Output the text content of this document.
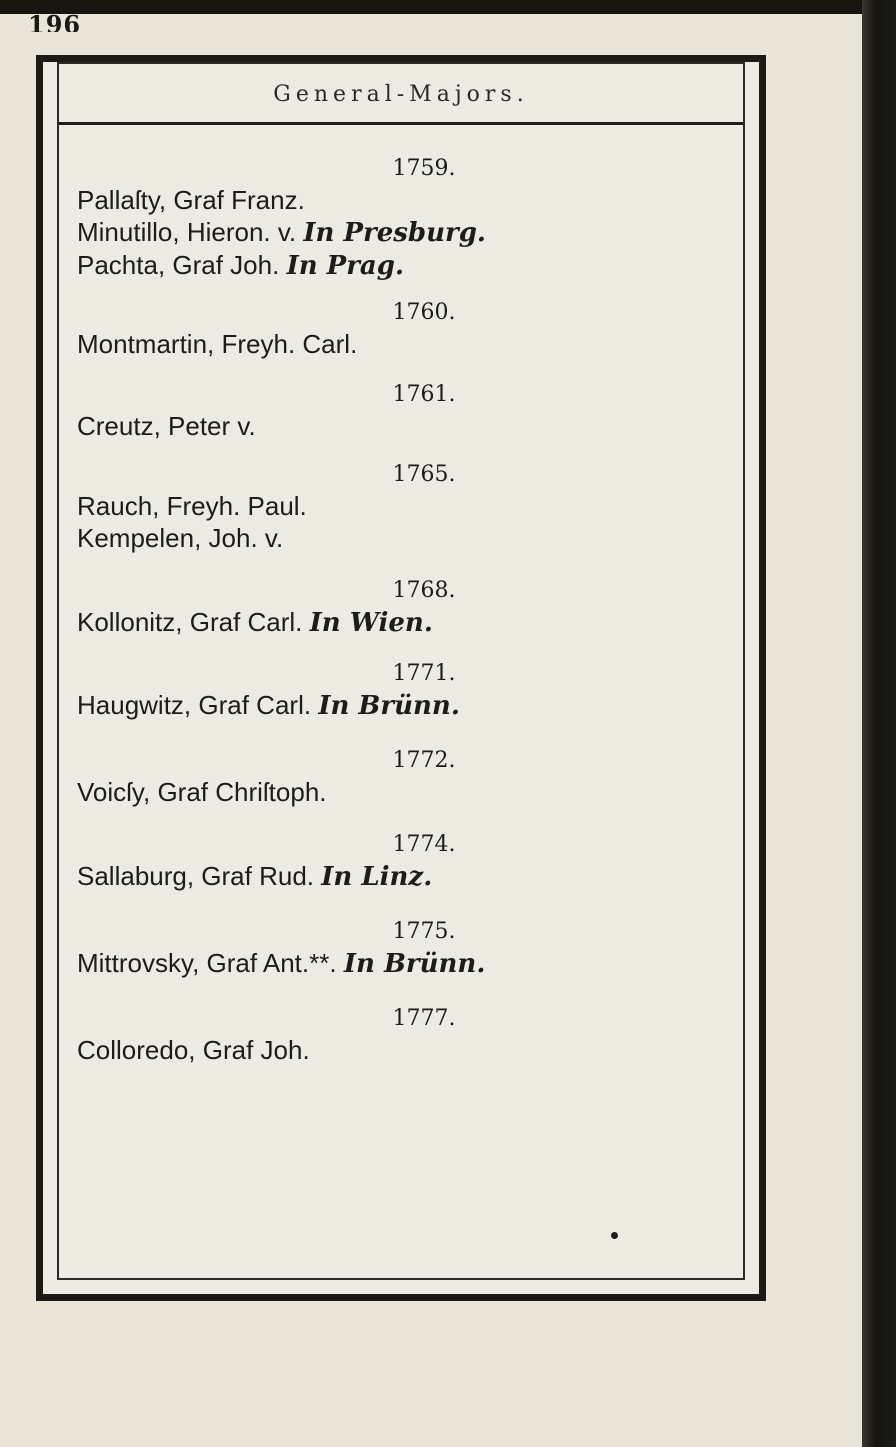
196
General-Majors.
1759.
Pallaſty, Graf Franz.
Minutillo, Hieron. v. In Presburg.
Pachta, Graf Joh. In Prag.
1760.
Montmartin, Freyh. Carl.
1761.
Creutz, Peter v.
1765.
Rauch, Freyh. Paul.
Kempelen, Joh. v.
1768.
Kollonitz, Graf Carl. In Wien.
1771.
Haugwitz, Graf Carl. In Brünn.
1772.
Voicſy, Graf Chriſtoph.
1774.
Sallaburg, Graf Rud. In Linz.
1775.
Mittrovsky, Graf Ant.**. In Brünn.
1777.
Colloredo, Graf Joh.
